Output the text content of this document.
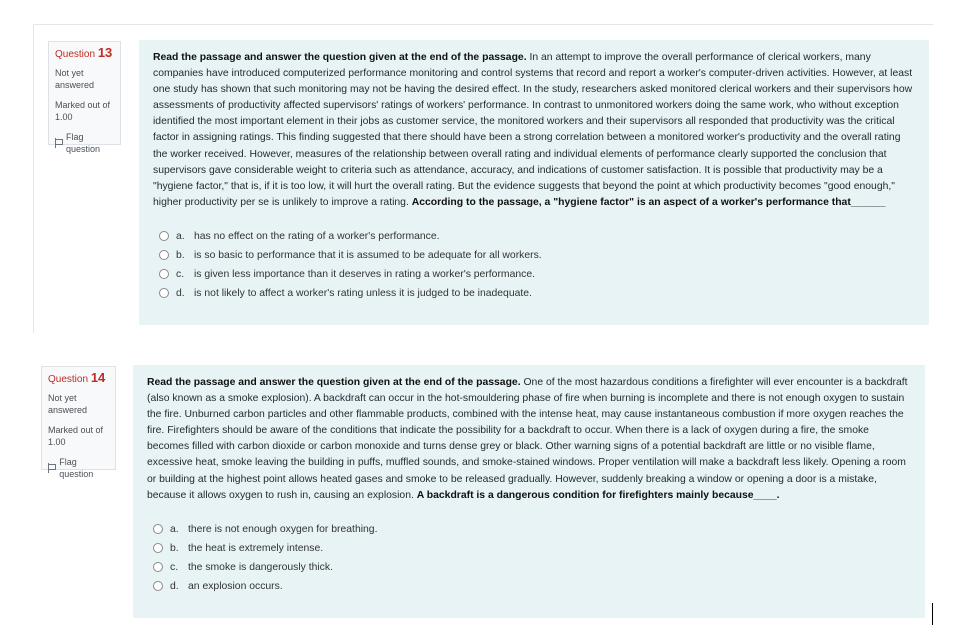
Question 13
Not yet answered
Marked out of 1.00
Flag question

Read the passage and answer the question given at the end of the passage. In an attempt to improve the overall performance of clerical workers, many companies have introduced computerized performance monitoring and control systems that record and report a worker's computer-driven activities. However, at least one study has shown that such monitoring may not be having the desired effect. In the study, researchers asked monitored clerical workers and their supervisors how assessments of productivity affected supervisors' ratings of workers' performance. In contrast to unmonitored workers doing the same work, who without exception identified the most important element in their jobs as customer service, the monitored workers and their supervisors all responded that productivity was the critical factor in assigning ratings. This finding suggested that there should have been a strong correlation between a monitored worker's productivity and the overall rating the worker received. However, measures of the relationship between overall rating and individual elements of performance clearly supported the conclusion that supervisors gave considerable weight to criteria such as attendance, accuracy, and indications of customer satisfaction. It is possible that productivity may be a "hygiene factor," that is, if it is too low, it will hurt the overall rating. But the evidence suggests that beyond the point at which productivity becomes "good enough," higher productivity per se is unlikely to improve a rating. According to the passage, a "hygiene factor" is an aspect of a worker's performance that______

a. has no effect on the rating of a worker's performance.
b. is so basic to performance that it is assumed to be adequate for all workers.
c. is given less importance than it deserves in rating a worker's performance.
d. is not likely to affect a worker's rating unless it is judged to be inadequate.
Question 14
Not yet answered
Marked out of 1.00
Flag question

Read the passage and answer the question given at the end of the passage. One of the most hazardous conditions a firefighter will ever encounter is a backdraft (also known as a smoke explosion). A backdraft can occur in the hot-smouldering phase of fire when burning is incomplete and there is not enough oxygen to sustain the fire. Unburned carbon particles and other flammable products, combined with the intense heat, may cause instantaneous combustion if more oxygen reaches the fire. Firefighters should be aware of the conditions that indicate the possibility for a backdraft to occur. When there is a lack of oxygen during a fire, the smoke becomes filled with carbon dioxide or carbon monoxide and turns dense grey or black. Other warning signs of a potential backdraft are little or no visible flame, excessive heat, smoke leaving the building in puffs, muffled sounds, and smoke-stained windows. Proper ventilation will make a backdraft less likely. Opening a room or building at the highest point allows heated gases and smoke to be released gradually. However, suddenly breaking a window or opening a door is a mistake, because it allows oxygen to rush in, causing an explosion. A backdraft is a dangerous condition for firefighters mainly because____.

a. there is not enough oxygen for breathing.
b. the heat is extremely intense.
c. the smoke is dangerously thick.
d. an explosion occurs.
